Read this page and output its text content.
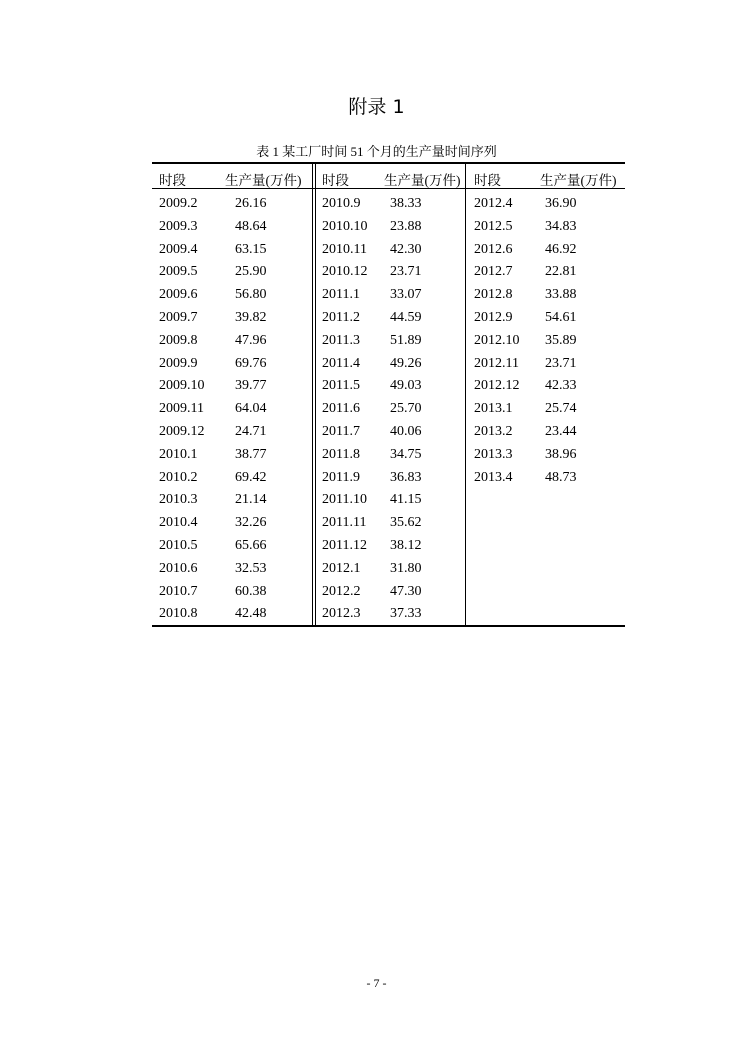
附录 1
表 1 某工厂时间 51 个月的生产量时间序列
时段	生产量(万件)
2009.2	26.16
2009.3	48.64
2009.4	63.15
2009.5	25.90
2009.6	56.80
2009.7	39.82
2009.8	47.96
2009.9	69.76
2009.10 39.77
2009.11 64.04
2009.12 24.71
2010.1	38.77
2010.2	69.42
2010.3	21.14
2010.4	32.26
2010.5	65.66
2010.6	32.53
2010.7	60.38
2010.8	42.48
时段	生产量(万件)
2010.9 38.33
2010.10 23.88
2010.11 42.30
2010.12 23.71
2011.1 33.07
2011.2 44.59
2011.3 51.89
2011.4 49.26
2011.5 49.03
2011.6 25.70
2011.7 40.06
2011.8 34.75
2011.9 36.83
2011.10 41.15
2011.11 35.62
2011.12 38.12
2012.1 31.80
2012.2 47.30
2012.3 37.33
时段	生产量(万件)
2012.4 36.90
2012.5 34.83
2012.6 46.92
2012.7 22.81
2012.8 33.88
2012.9 54.61
2012.10 35.89
2012.11 23.71
2012.12 42.33
2013.1 25.74
2013.2 23.44
2013.3 38.96
2013.4 48.73
- 7 -
